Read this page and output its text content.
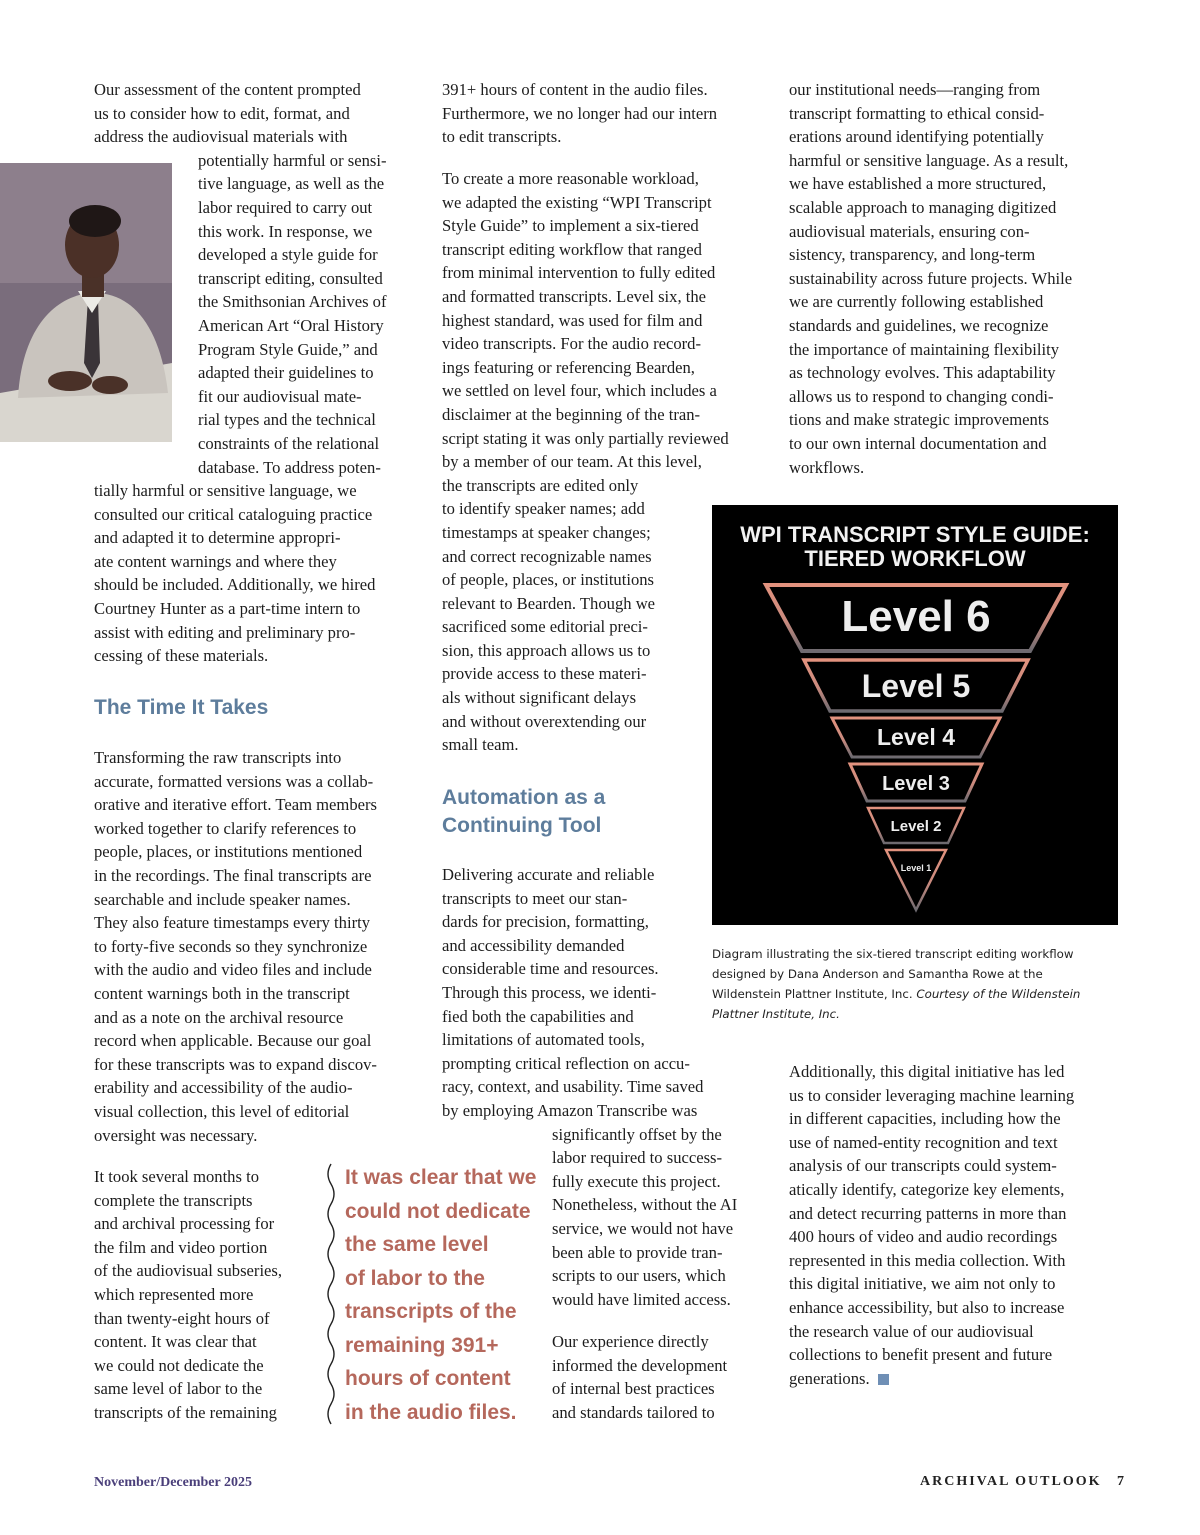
Our assessment of the content prompted
us to consider how to edit, format, and
address the audiovisual materials with
potentially harmful or sensi-
tive language, as well as the
labor required to carry out
this work. In response, we
developed a style guide for
transcript editing, consulted
the Smithsonian Archives of
American Art “Oral History
Program Style Guide,” and
adapted their guidelines to
fit our audiovisual mate-
rial types and the technical
constraints of the relational
database. To address poten-
tially harmful or sensitive language, we
consulted our critical cataloguing practice
and adapted it to determine appropri-
ate content warnings and where they
should be included. Additionally, we hired
Courtney Hunter as a part-time intern to
assist with editing and preliminary pro-
cessing of these materials.
The Time It Takes
Transforming the raw transcripts into
accurate, formatted versions was a collab-
orative and iterative effort. Team members
worked together to clarify references to
people, places, or institutions mentioned
in the recordings. The final transcripts are
searchable and include speaker names.
They also feature timestamps every thirty
to forty-five seconds so they synchronize
with the audio and video files and include
content warnings both in the transcript
and as a note on the archival resource
record when applicable. Because our goal
for these transcripts was to expand discov-
erability and accessibility of the audio-
visual collection, this level of editorial
oversight was necessary.
It took several months to
complete the transcripts
and archival processing for
the film and video portion
of the audiovisual subseries,
which represented more
than twenty-eight hours of
content. It was clear that
we could not dedicate the
same level of labor to the
transcripts of the remaining
It was clear that we
could not dedicate
the same level
of labor to the
transcripts of the
remaining 391+
hours of content
in the audio files.
391+ hours of content in the audio files.
Furthermore, we no longer had our intern
to edit transcripts.
To create a more reasonable workload,
we adapted the existing “WPI Transcript
Style Guide” to implement a six-tiered
transcript editing workflow that ranged
from minimal intervention to fully edited
and formatted transcripts. Level six, the
highest standard, was used for film and
video transcripts. For the audio record-
ings featuring or referencing Bearden,
we settled on level four, which includes a
disclaimer at the beginning of the tran-
script stating it was only partially reviewed
by a member of our team. At this level,
the transcripts are edited only
to identify speaker names; add
timestamps at speaker changes;
and correct recognizable names
of people, places, or institutions
relevant to Bearden. Though we
sacrificed some editorial preci-
sion, this approach allows us to
provide access to these materi-
als without significant delays
and without overextending our
small team.
Automation as a
Continuing Tool
Delivering accurate and reliable
transcripts to meet our stan-
dards for precision, formatting,
and accessibility demanded
considerable time and resources.
Through this process, we identi-
fied both the capabilities and
limitations of automated tools,
prompting critical reflection on accu-
racy, context, and usability. Time saved
by employing Amazon Transcribe was
significantly offset by the
labor required to success-
fully execute this project.
Nonetheless, without the AI
service, we would not have
been able to provide tran-
scripts to our users, which
would have limited access.
Our experience directly
informed the development
of internal best practices
and standards tailored to
our institutional needs—ranging from
transcript formatting to ethical consid-
erations around identifying potentially
harmful or sensitive language. As a result,
we have established a more structured,
scalable approach to managing digitized
audiovisual materials, ensuring con-
sistency, transparency, and long-term
sustainability across future projects. While
we are currently following established
standards and guidelines, we recognize
the importance of maintaining flexibility
as technology evolves. This adaptability
allows us to respond to changing condi-
tions and make strategic improvements
to our own internal documentation and
workflows.
WPI TRANSCRIPT STYLE GUIDE:
TIERED WORKFLOW
Level 6
Level 5
Level 4
Level 3
Level 2
Level 1
Diagram illustrating the six-tiered transcript editing workflow
designed by Dana Anderson and Samantha Rowe at the
Wildenstein Plattner Institute, Inc. Courtesy of the Wildenstein
Plattner Institute, Inc.
Additionally, this digital initiative has led
us to consider leveraging machine learning
in different capacities, including how the
use of named-entity recognition and text
analysis of our transcripts could system-
atically identify, categorize key elements,
and detect recurring patterns in more than
400 hours of video and audio recordings
represented in this media collection. With
this digital initiative, we aim not only to
enhance accessibility, but also to increase
the research value of our audiovisual
collections to benefit present and future
generations.
November/December 2025	ARCHIVAL OUTLOOK 7
